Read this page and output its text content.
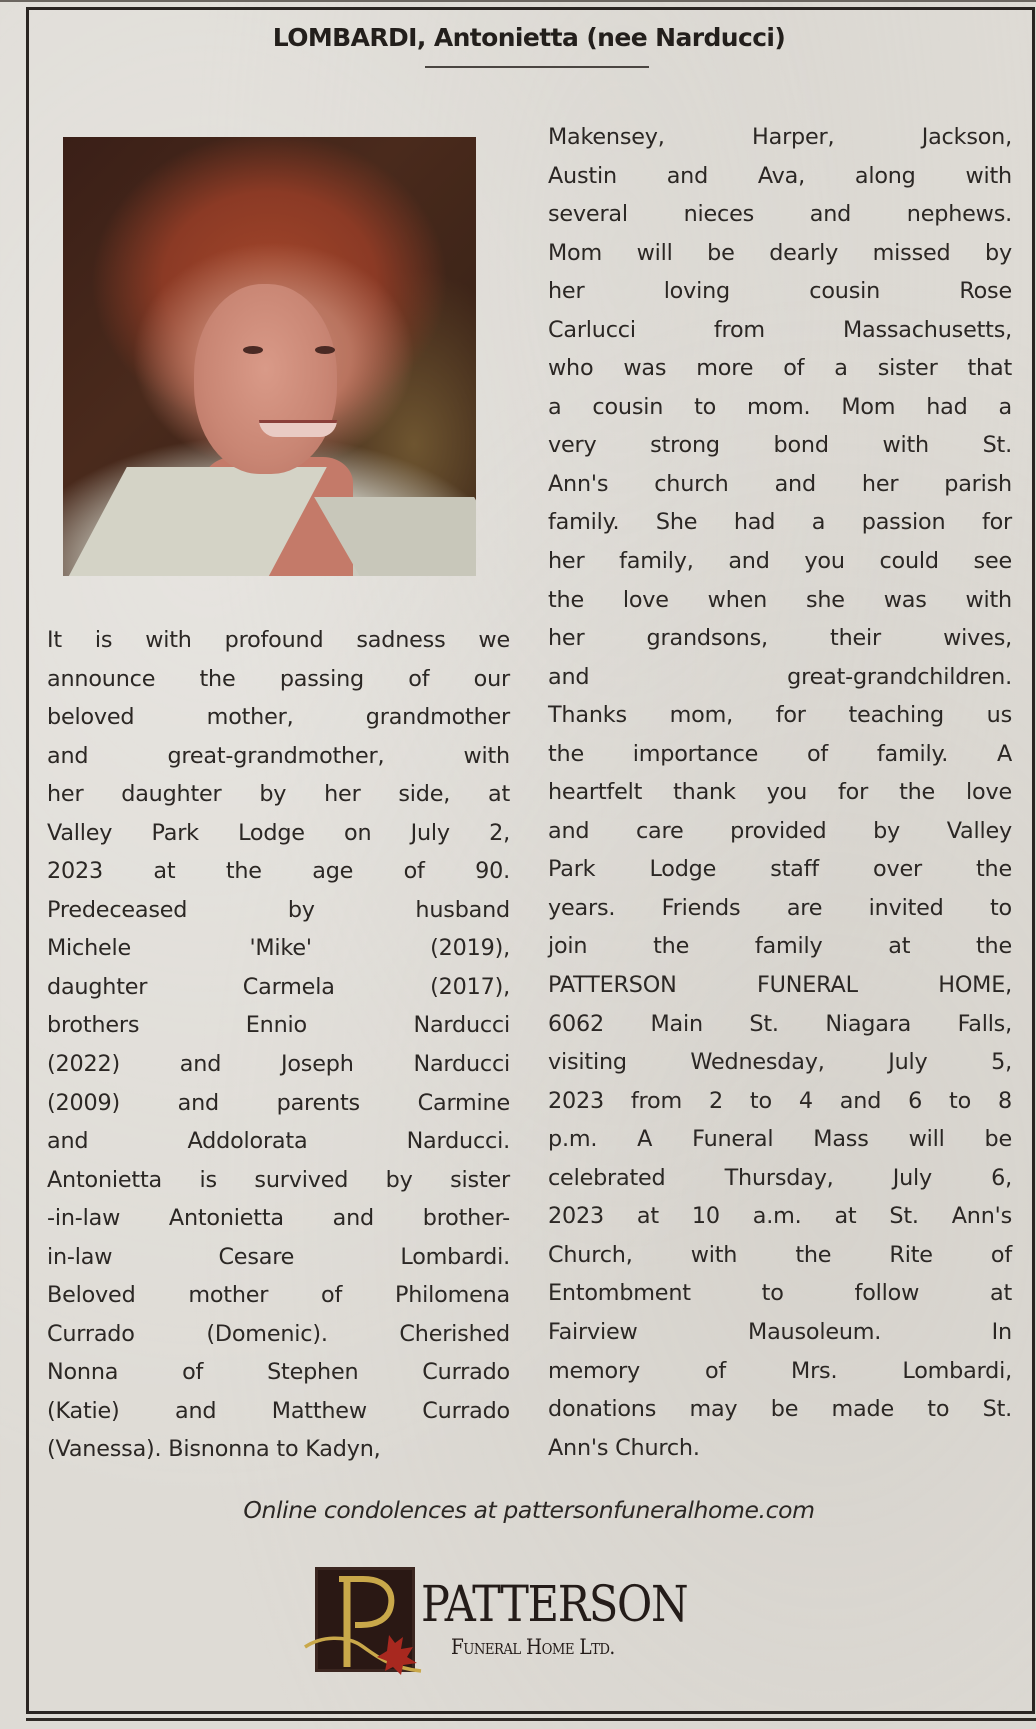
LOMBARDI, Antonietta (nee Narducci)
It is with profound sadness we
announce the passing of our
beloved mother, grandmother
and great-grandmother, with
her daughter by her side, at
Valley Park Lodge on July 2,
2023 at the age of 90.
Predeceased by husband
Michele 'Mike' (2019),
daughter Carmela (2017),
brothers Ennio Narducci
(2022) and Joseph Narducci
(2009) and parents Carmine
and Addolorata Narducci.
Antonietta is survived by sister
-in-law Antonietta and brother-
in-law Cesare Lombardi.
Beloved mother of Philomena
Currado (Domenic). Cherished
Nonna of Stephen Currado
(Katie) and Matthew Currado
(Vanessa). Bisnonna to Kadyn,
Makensey, Harper, Jackson,
Austin and Ava, along with
several nieces and nephews.
Mom will be dearly missed by
her loving cousin Rose
Carlucci from Massachusetts,
who was more of a sister that
a cousin to mom. Mom had a
very strong bond with St.
Ann's church and her parish
family. She had a passion for
her family, and you could see
the love when she was with
her grandsons, their wives,
and great-grandchildren.
Thanks mom, for teaching us
the importance of family. A
heartfelt thank you for the love
and care provided by Valley
Park Lodge staff over the
years. Friends are invited to
join the family at the
PATTERSON FUNERAL HOME,
6062 Main St. Niagara Falls,
visiting Wednesday, July 5,
2023 from 2 to 4 and 6 to 8
p.m. A Funeral Mass will be
celebrated Thursday, July 6,
2023 at 10 a.m. at St. Ann's
Church, with the Rite of
Entombment to follow at
Fairview Mausoleum. In
memory of Mrs. Lombardi,
donations may be made to St.
Ann's Church.
Online condolences at pattersonfuneralhome.com
PATTERSON
Funeral Home Ltd.
